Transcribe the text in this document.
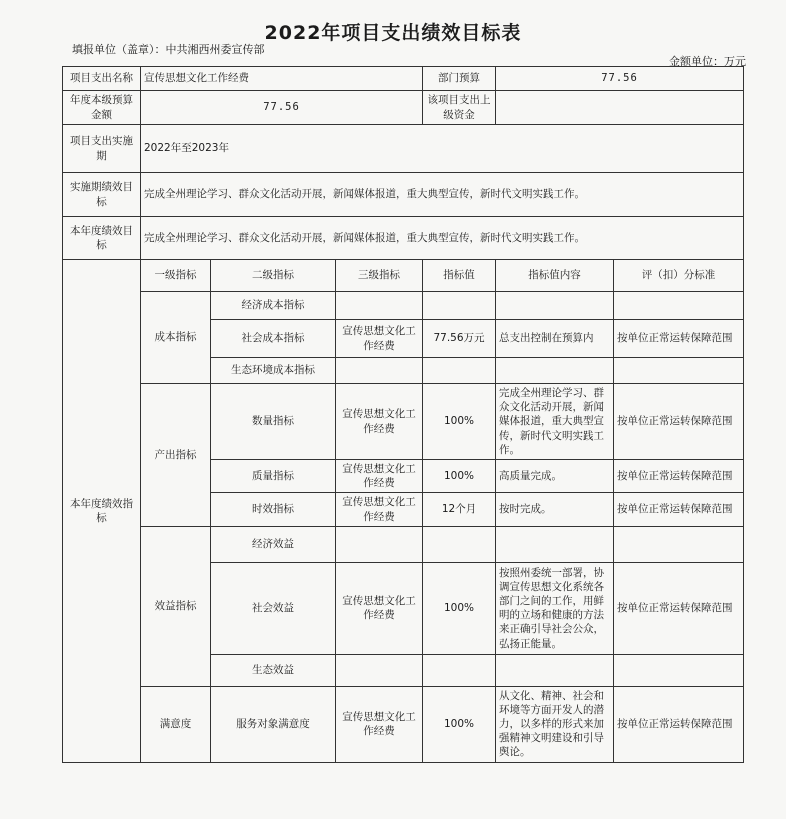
2022年项目支出绩效目标表
填报单位（盖章）：中共湘西州委宣传部
金额单位：万元
项目支出名称	宣传思想文化工作经费			部门预算	77.56	
年度本级预算金额	77.56			该项目支出上级资金		
项目支出实施期	2022年至2023年					
实施期绩效目标	完成全州理论学习、群众文化活动开展，新闻媒体报道，重大典型宣传，新时代文明实践工作。					
本年度绩效目标	完成全州理论学习、群众文化活动开展，新闻媒体报道，重大典型宣传，新时代文明实践工作。					
本年度绩效指标	一级指标	二级指标	三级指标	指标值	指标值内容	评（扣）分标准
	成本指标	经济成本指标				
		社会成本指标	宣传思想文化工作经费	77.56万元	总支出控制在预算内	按单位正常运转保障范围
		生态环境成本指标				
	产出指标	数量指标	宣传思想文化工作经费	100%	完成全州理论学习、群众文化活动开展，新闻媒体报道，重大典型宣传，新时代文明实践工作。	按单位正常运转保障范围
		质量指标	宣传思想文化工作经费	100%	高质量完成。	按单位正常运转保障范围
		时效指标	宣传思想文化工作经费	12个月	按时完成。	按单位正常运转保障范围
	效益指标	经济效益				
		社会效益	宣传思想文化工作经费	100%	按照州委统一部署，协调宣传思想文化系统各部门之间的工作，用鲜明的立场和健康的方法来正确引导社会公众，弘扬正能量。	按单位正常运转保障范围
		生态效益				
	满意度	服务对象满意度	宣传思想文化工作经费	100%	从文化、精神、社会和环境等方面开发人的潜力，以多样的形式来加强精神文明建设和引导舆论。	按单位正常运转保障范围
